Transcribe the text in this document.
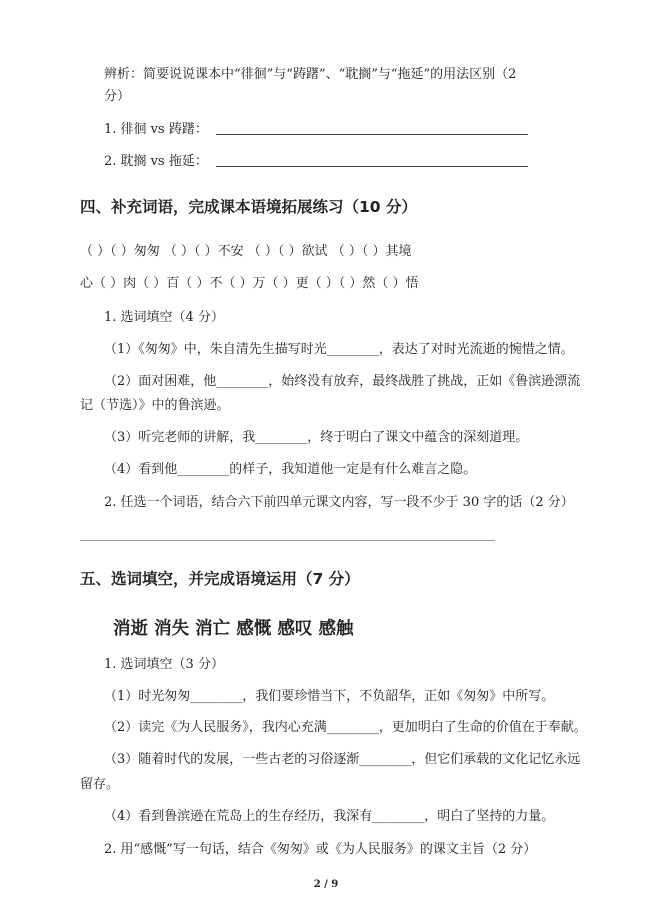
辨析：简要说说课本中“徘徊”与“踌躇”、“耽搁”与“拖延”的用法区别（2
分）
1. 徘徊 vs 踌躇：
2. 耽搁 vs 拖延：
四、补充词语，完成课本语境拓展练习（10 分）
（ ）（ ）匆匆 （ ）（ ）不安 （ ）（ ）欲试 （ ）（ ）其境
心（ ）肉（ ）百（ ）不（ ）万（ ）更（ ）（ ）然（ ）悟
1. 选词填空（4 分）
（1）《匆匆》中，朱自清先生描写时光________，表达了对时光流逝的惋惜之情。
（2）面对困难，他________，始终没有放弃，最终战胜了挑战，正如《鲁滨逊漂流
记（节选）》中的鲁滨逊。
（3）听完老师的讲解，我________，终于明白了课文中蕴含的深刻道理。
（4）看到他________的样子，我知道他一定是有什么难言之隐。
2. 任选一个词语，结合六下前四单元课文内容，写一段不少于 30 字的话（2 分）
五、选词填空，并完成语境运用（7 分）
消逝 消失 消亡 感慨 感叹 感触
1. 选词填空（3 分）
（1）时光匆匆________，我们要珍惜当下，不负韶华，正如《匆匆》中所写。
（2）读完《为人民服务》，我内心充满________，更加明白了生命的价值在于奉献。
（3）随着时代的发展，一些古老的习俗逐渐________，但它们承载的文化记忆永远
留存。
（4）看到鲁滨逊在荒岛上的生存经历，我深有________，明白了坚持的力量。
2. 用“感慨”写一句话，结合《匆匆》或《为人民服务》的课文主旨（2 分）
2 / 9
